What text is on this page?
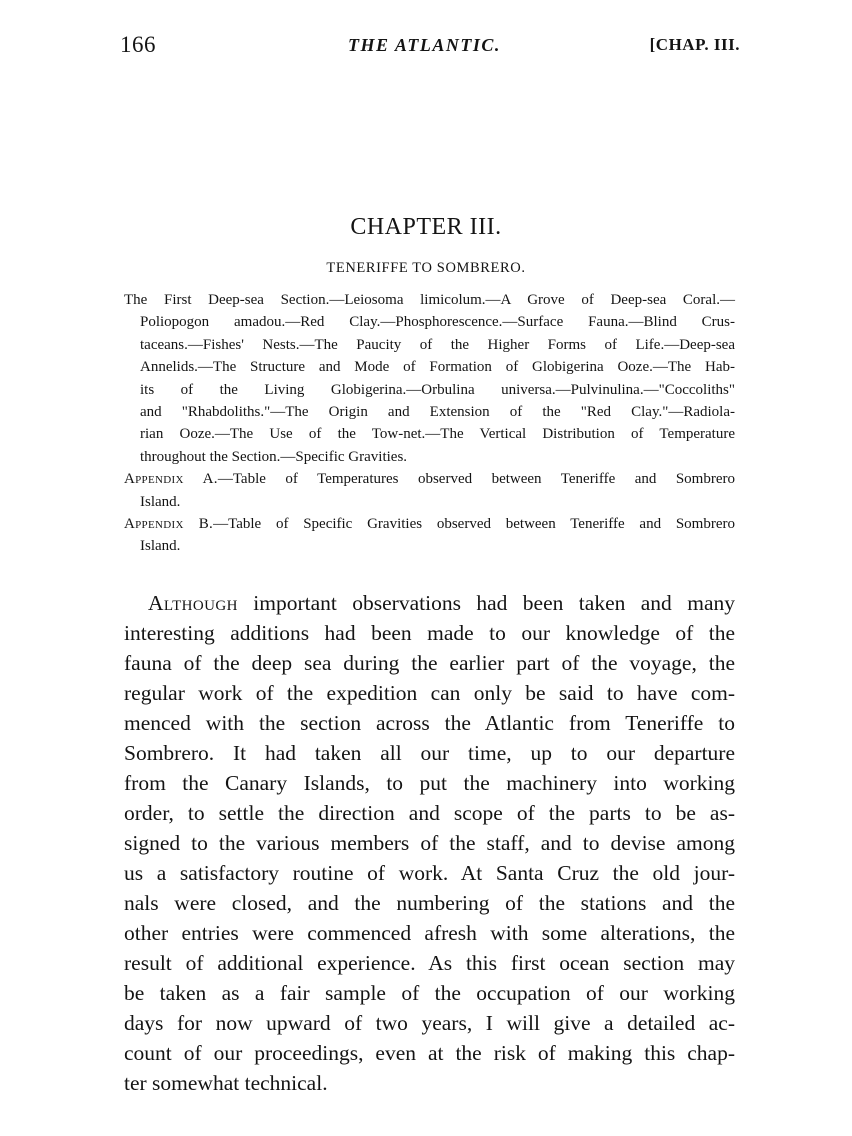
166	THE ATLANTIC.	[CHAP. III.
CHAPTER III.
TENERIFFE TO SOMBRERO.
The First Deep-sea Section.—Leiosoma limicolum.—A Grove of Deep-sea Coral.—
Poliopogon amadou.—Red Clay.—Phosphorescence.—Surface Fauna.—Blind Crus-
taceans.—Fishes' Nests.—The Paucity of the Higher Forms of Life.—Deep-sea
Annelids.—The Structure and Mode of Formation of Globigerina Ooze.—The Hab-
its of the Living Globigerina.—Orbulina universa.—Pulvinulina.—"Coccoliths"
and "Rhabdoliths."—The Origin and Extension of the "Red Clay."—Radiola-
rian Ooze.—The Use of the Tow-net.—The Vertical Distribution of Temperature
throughout the Section.—Specific Gravities.
Appendix A.—Table of Temperatures observed between Teneriffe and Sombrero
Island.
Appendix B.—Table of Specific Gravities observed between Teneriffe and Sombrero
Island.
Although important observations had been taken and many
interesting additions had been made to our knowledge of the
fauna of the deep sea during the earlier part of the voyage, the
regular work of the expedition can only be said to have com-
menced with the section across the Atlantic from Teneriffe to
Sombrero. It had taken all our time, up to our departure
from the Canary Islands, to put the machinery into working
order, to settle the direction and scope of the parts to be as-
signed to the various members of the staff, and to devise among
us a satisfactory routine of work. At Santa Cruz the old jour-
nals were closed, and the numbering of the stations and the
other entries were commenced afresh with some alterations, the
result of additional experience. As this first ocean section may
be taken as a fair sample of the occupation of our working
days for now upward of two years, I will give a detailed ac-
count of our proceedings, even at the risk of making this chap-
ter somewhat technical.
